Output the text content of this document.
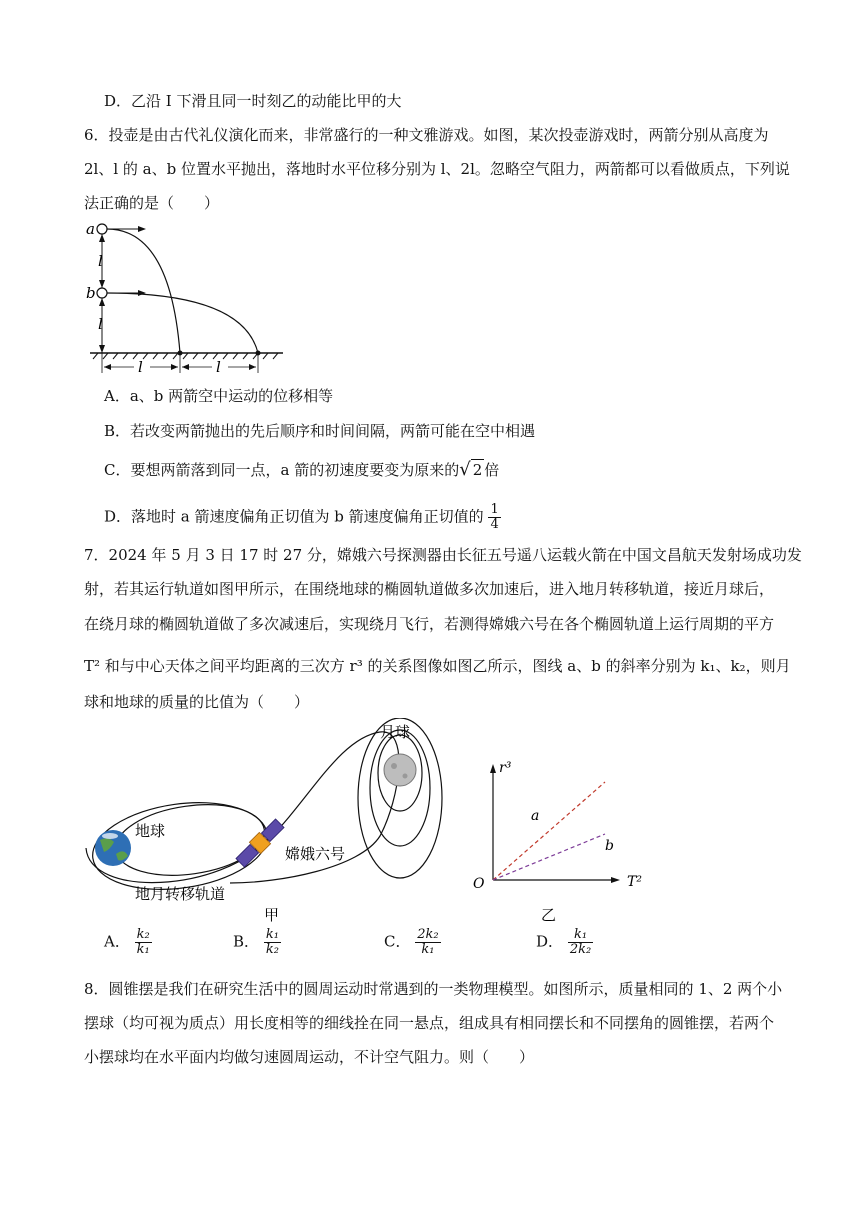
D．乙沿 I 下滑且同一时刻乙的动能比甲的大
6．投壶是由古代礼仪演化而来，非常盛行的一种文雅游戏。如图，某次投壶游戏时，两箭分别从高度为
2l、l 的 a、b 位置水平抛出，落地时水平位移分别为 l、2l。忽略空气阻力，两箭都可以看做质点，下列说
法正确的是（　　）
a
b
l
l
l	l
A．a、b 两箭空中运动的位移相等
B．若改变两箭抛出的先后顺序和时间间隔，两箭可能在空中相遇
C．要想两箭落到同一点，a 箭的初速度要变为原来的√ 2 倍
D．落地时 a 箭速度偏角正切值为 b 箭速度偏角正切值的 $\frac{1}{4}$
7．2024 年 5 月 3 日 17 时 27 分，嫦娥六号探测器由长征五号遥八运载火箭在中国文昌航天发射场成功发
射，若其运行轨道如图甲所示，在围绕地球的椭圆轨道做多次加速后，进入地月转移轨道，接近月球后，
在绕月球的椭圆轨道做了多次减速后，实现绕月飞行，若测得嫦娥六号在各个椭圆轨道上运行周期的平方
T² 和与中心天体之间平均距离的三次方 r³ 的关系图像如图乙所示，图线 a、b 的斜率分别为 k₁、k₂，则月
球和地球的质量的比值为（　　）
月球
地球
嫦娥六号
地月转移轨道
甲
r³
T²
O
a
b
乙
A． $\frac{\text{k₂}}{\text{k₁}}$	B． $\frac{\text{k₁}}{\text{k₂}}$	C． $\frac{\text{2k₂}}{\text{k₁}}$	D． $\frac{\text{k₁}}{\text{2k₂}}$
8．圆锥摆是我们在研究生活中的圆周运动时常遇到的一类物理模型。如图所示，质量相同的 1、2 两个小
摆球（均可视为质点）用长度相等的细线拴在同一悬点，组成具有相同摆长和不同摆角的圆锥摆，若两个
小摆球均在水平面内均做匀速圆周运动，不计空气阻力。则（　　）
